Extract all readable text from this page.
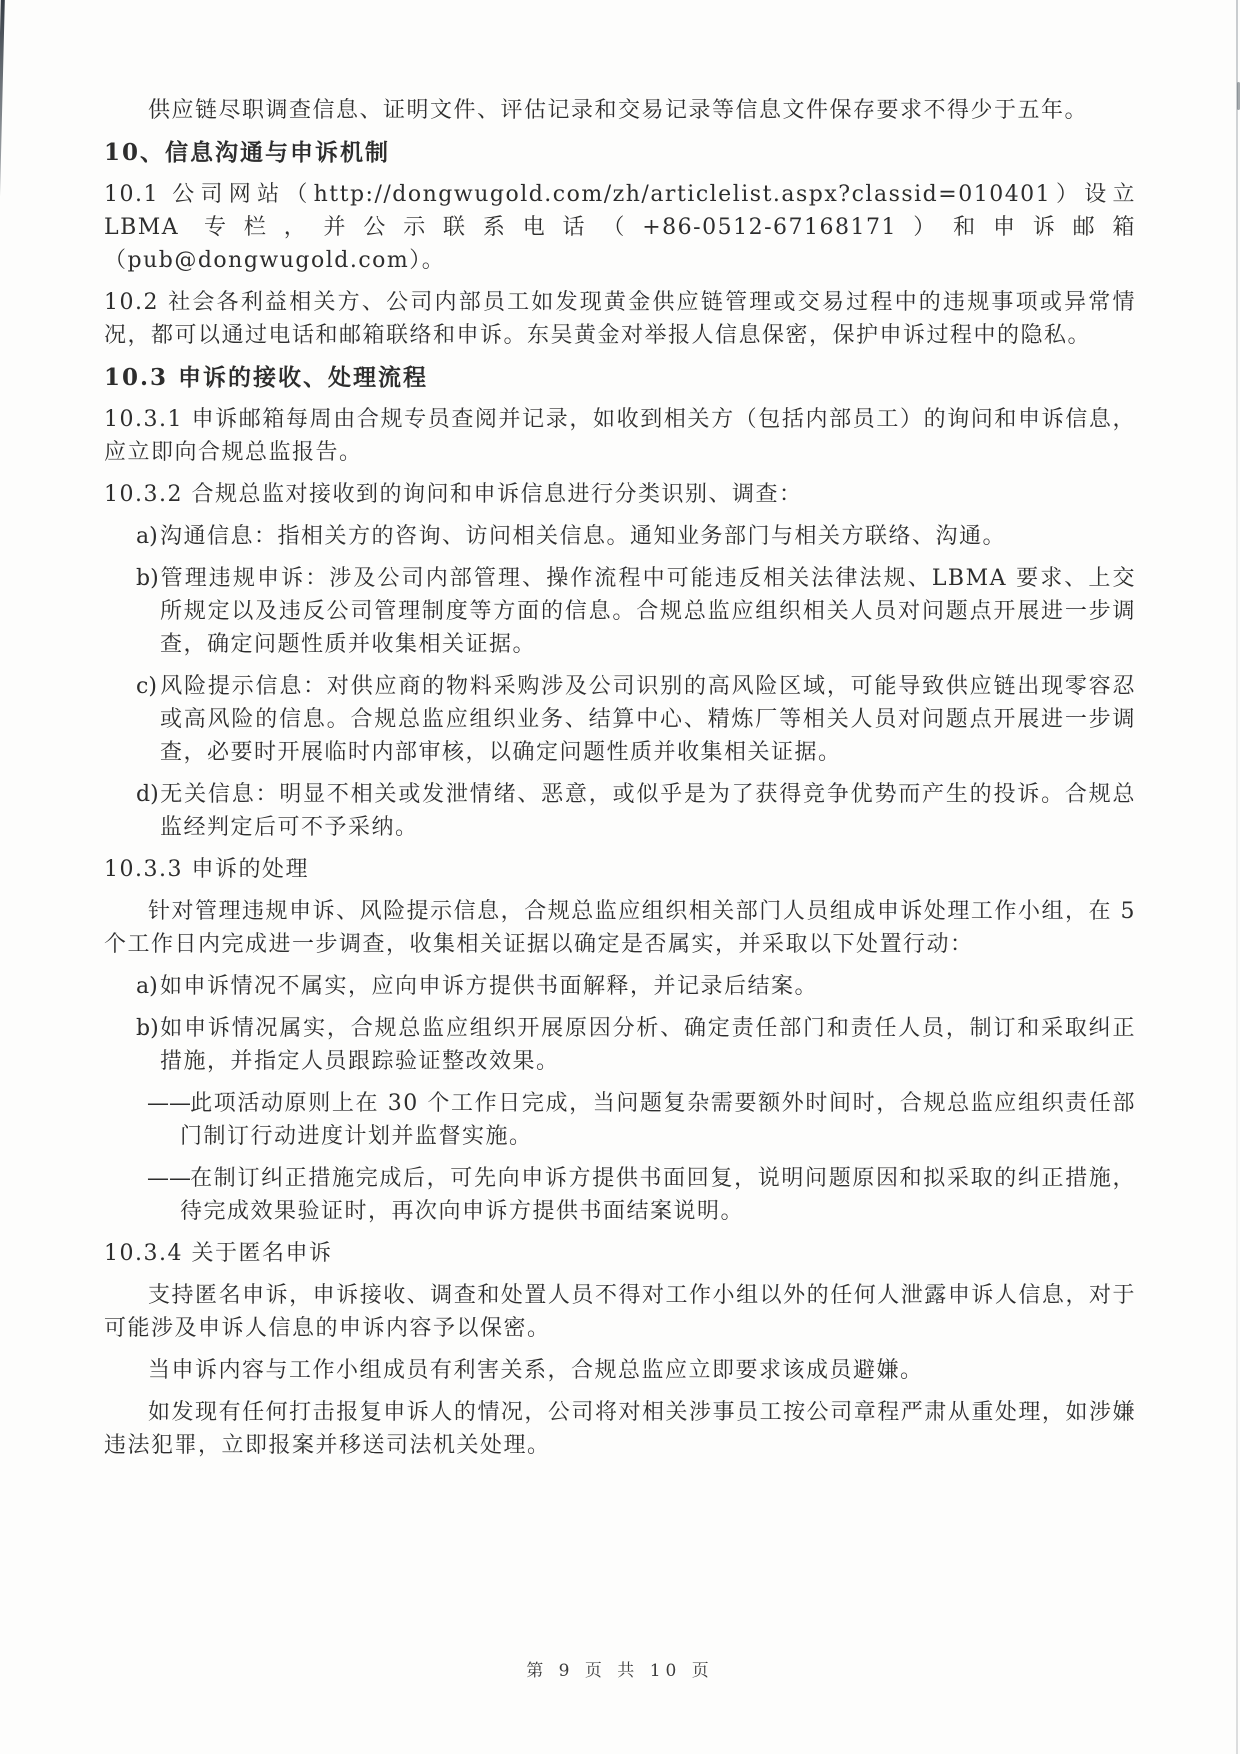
供应链尽职调查信息、证明文件、评估记录和交易记录等信息文件保存要求不得少于五年。

10、信息沟通与申诉机制

10.1 公司网站（http://dongwugold.com/zh/articlelist.aspx?classid=010401）设立 LBMA 专栏，并公示联系电话（+86-0512-67168171）和申诉邮箱（pub@dongwugold.com）。

10.2 社会各利益相关方、公司内部员工如发现黄金供应链管理或交易过程中的违规事项或异常情况，都可以通过电话和邮箱联络和申诉。东吴黄金对举报人信息保密，保护申诉过程中的隐私。

10.3 申诉的接收、处理流程

10.3.1 申诉邮箱每周由合规专员查阅并记录，如收到相关方（包括内部员工）的询问和申诉信息，应立即向合规总监报告。

10.3.2 合规总监对接收到的询问和申诉信息进行分类识别、调查：

a) 沟通信息：指相关方的咨询、访问相关信息。通知业务部门与相关方联络、沟通。
b)管理违规申诉：涉及公司内部管理、操作流程中可能违反相关法律法规、LBMA 要求、上交所规定以及违反公司管理制度等方面的信息。合规总监应组织相关人员对问题点开展进一步调查，确定问题性质并收集相关证据。
c) 风险提示信息：对供应商的物料采购涉及公司识别的高风险区域，可能导致供应链出现零容忍或高风险的信息。合规总监应组织业务、结算中心、精炼厂等相关人员对问题点开展进一步调查，必要时开展临时内部审核，以确定问题性质并收集相关证据。
d)无关信息：明显不相关或发泄情绪、恶意，或似乎是为了获得竞争优势而产生的投诉。合规总监经判定后可不予采纳。

10.3.3 申诉的处理

针对管理违规申诉、风险提示信息，合规总监应组织相关部门人员组成申诉处理工作小组，在 5 个工作日内完成进一步调查，收集相关证据以确定是否属实，并采取以下处置行动：

a) 如申诉情况不属实，应向申诉方提供书面解释，并记录后结案。
b)如申诉情况属实，合规总监应组织开展原因分析、确定责任部门和责任人员，制订和采取纠正措施，并指定人员跟踪验证整改效果。
——此项活动原则上在 30 个工作日完成，当问题复杂需要额外时间时，合规总监应组织责任部门制订行动进度计划并监督实施。
——在制订纠正措施完成后，可先向申诉方提供书面回复，说明问题原因和拟采取的纠正措施，待完成效果验证时，再次向申诉方提供书面结案说明。

10.3.4 关于匿名申诉

支持匿名申诉，申诉接收、调查和处置人员不得对工作小组以外的任何人泄露申诉人信息，对于可能涉及申诉人信息的申诉内容予以保密。

当申诉内容与工作小组成员有利害关系，合规总监应立即要求该成员避嫌。

如发现有任何打击报复申诉人的情况，公司将对相关涉事员工按公司章程严肃从重处理，如涉嫌违法犯罪，立即报案并移送司法机关处理。

第 9 页 共 10 页
